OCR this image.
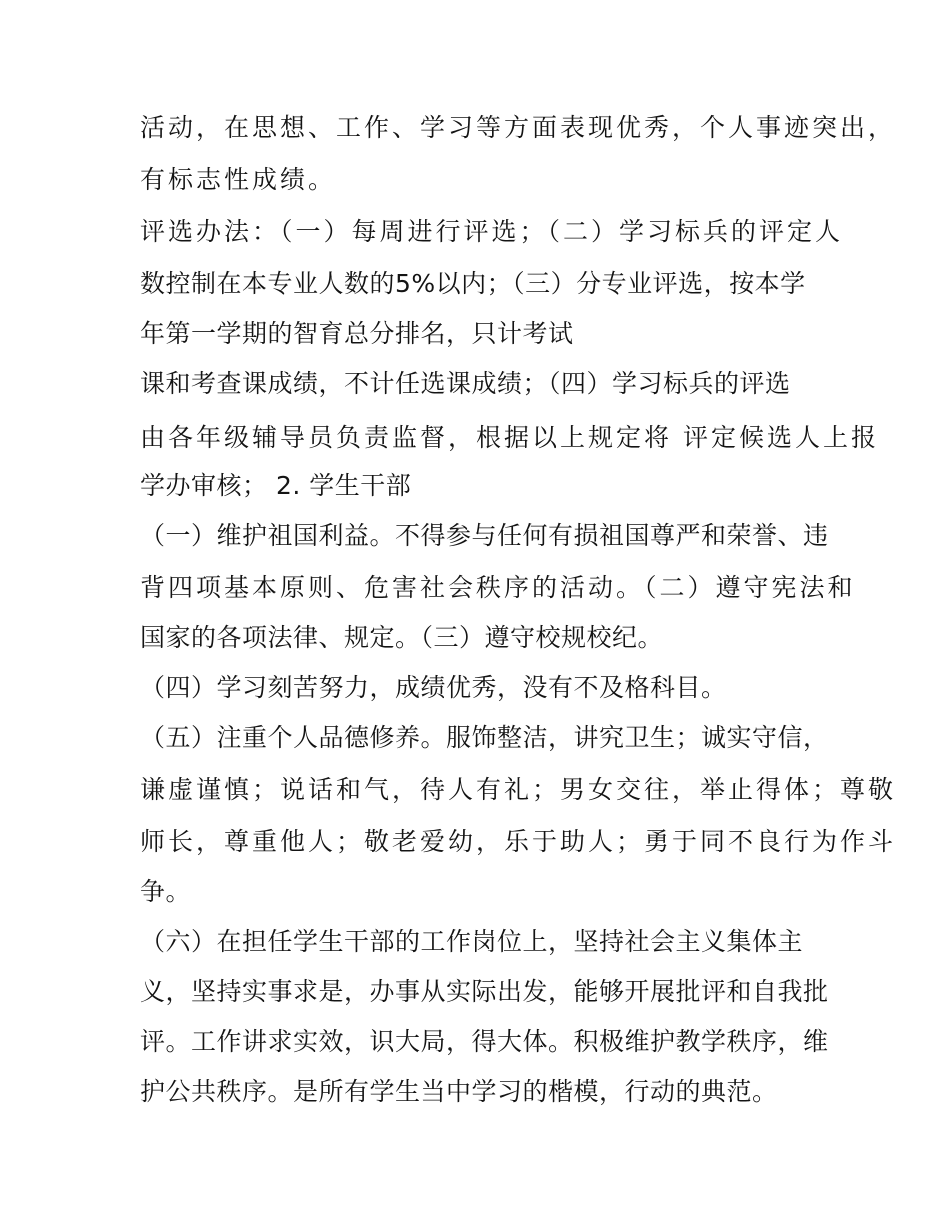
活动，在思想、工作、学习等方面表现优秀，个人事迹突出，
有标志性成绩。
评选办法：（一）每周进行评选；（二）学习标兵的评定人
数控制在本专业人数的5%以内；（三）分专业评选，按本学
年第一学期的智育总分排名，只计考试
课和考查课成绩，不计任选课成绩；（四）学习标兵的评选
由各年级辅导员负责监督，根据以上规定将 评定候选人上报
学办审核； 2. 学生干部
（一）维护祖国利益。不得参与任何有损祖国尊严和荣誉、违
背四项基本原则、危害社会秩序的活动。（二）遵守宪法和
国家的各项法律、规定。（三）遵守校规校纪。
（四）学习刻苦努力，成绩优秀，没有不及格科目。
（五）注重个人品德修养。服饰整洁，讲究卫生；诚实守信，
谦虚谨慎；说话和气，待人有礼；男女交往，举止得体；尊敬
师长，尊重他人；敬老爱幼，乐于助人；勇于同不良行为作斗
争。
（六）在担任学生干部的工作岗位上，坚持社会主义集体主
义，坚持实事求是，办事从实际出发，能够开展批评和自我批
评。工作讲求实效，识大局，得大体。积极维护教学秩序，维
护公共秩序。是所有学生当中学习的楷模，行动的典范。
